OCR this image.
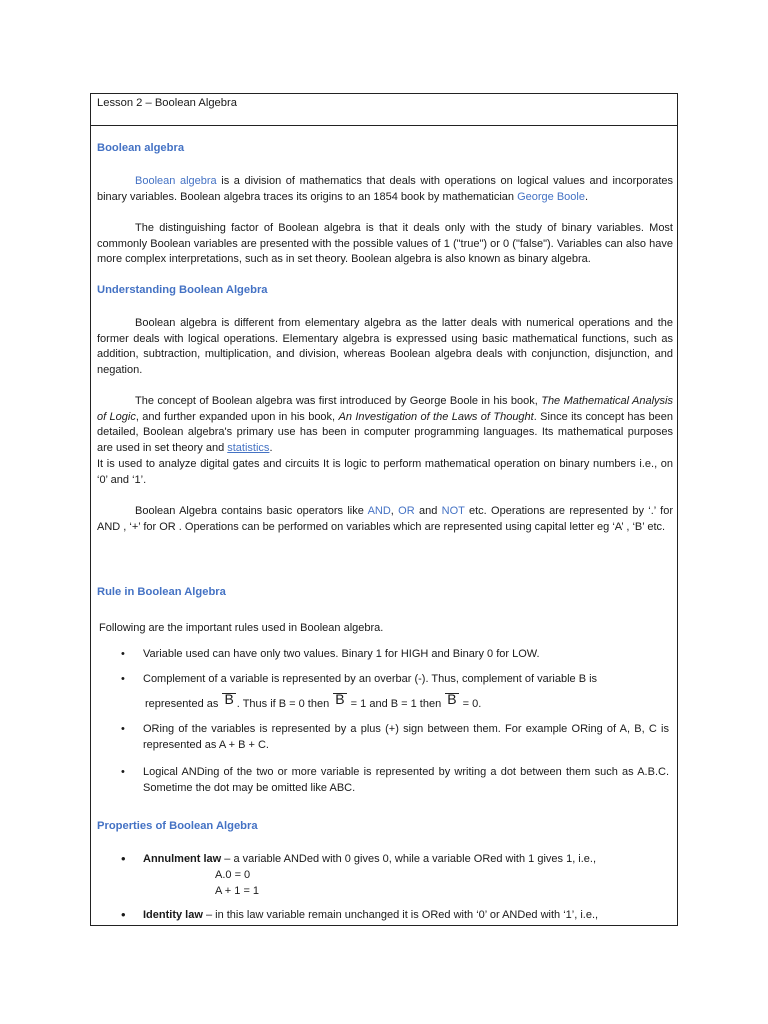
Lesson 2 – Boolean Algebra
Boolean algebra

Boolean algebra is a division of mathematics that deals with operations on logical values and incorporates binary variables. Boolean algebra traces its origins to an 1854 book by mathematician George Boole.

The distinguishing factor of Boolean algebra is that it deals only with the study of binary variables. Most commonly Boolean variables are presented with the possible values of 1 ("true") or 0 ("false"). Variables can also have more complex interpretations, such as in set theory. Boolean algebra is also known as binary algebra.

Understanding Boolean Algebra

Boolean algebra is different from elementary algebra as the latter deals with numerical operations and the former deals with logical operations. Elementary algebra is expressed using basic mathematical functions, such as addition, subtraction, multiplication, and division, whereas Boolean algebra deals with conjunction, disjunction, and negation.

The concept of Boolean algebra was first introduced by George Boole in his book, The Mathematical Analysis of Logic, and further expanded upon in his book, An Investigation of the Laws of Thought. Since its concept has been detailed, Boolean algebra's primary use has been in computer programming languages. Its mathematical purposes are used in set theory and statistics.

It is used to analyze digital gates and circuits It is logic to perform mathematical operation on binary numbers i.e., on ‘0’ and ‘1’.

Boolean Algebra contains basic operators like AND, OR and NOT etc. Operations are represented by ‘.’ for AND , ‘+’ for OR . Operations can be performed on variables which are represented using capital letter eg ‘A’ , ‘B’ etc.

Rule in Boolean Algebra

Following are the important rules used in Boolean algebra.

• Variable used can have only two values. Binary 1 for HIGH and Binary 0 for LOW.
• Complement of a variable is represented by an overbar (-). Thus, complement of variable B is
represented as B . Thus if B = 0 then B = 1 and B = 1 then B = 0.
• ORing of the variables is represented by a plus (+) sign between them. For example ORing of A, B, C is represented as A + B + C.
• Logical ANDing of the two or more variable is represented by writing a dot between them such as A.B.C. Sometime the dot may be omitted like ABC.
Properties of Boolean Algebra
• Annulment law – a variable ANDed with 0 gives 0, while a variable ORed with 1 gives 1, i.e.,
A.0 = 0
A + 1 = 1
• Identity law – in this law variable remain unchanged it is ORed with ‘0’ or ANDed with ‘1’, i.e.,
